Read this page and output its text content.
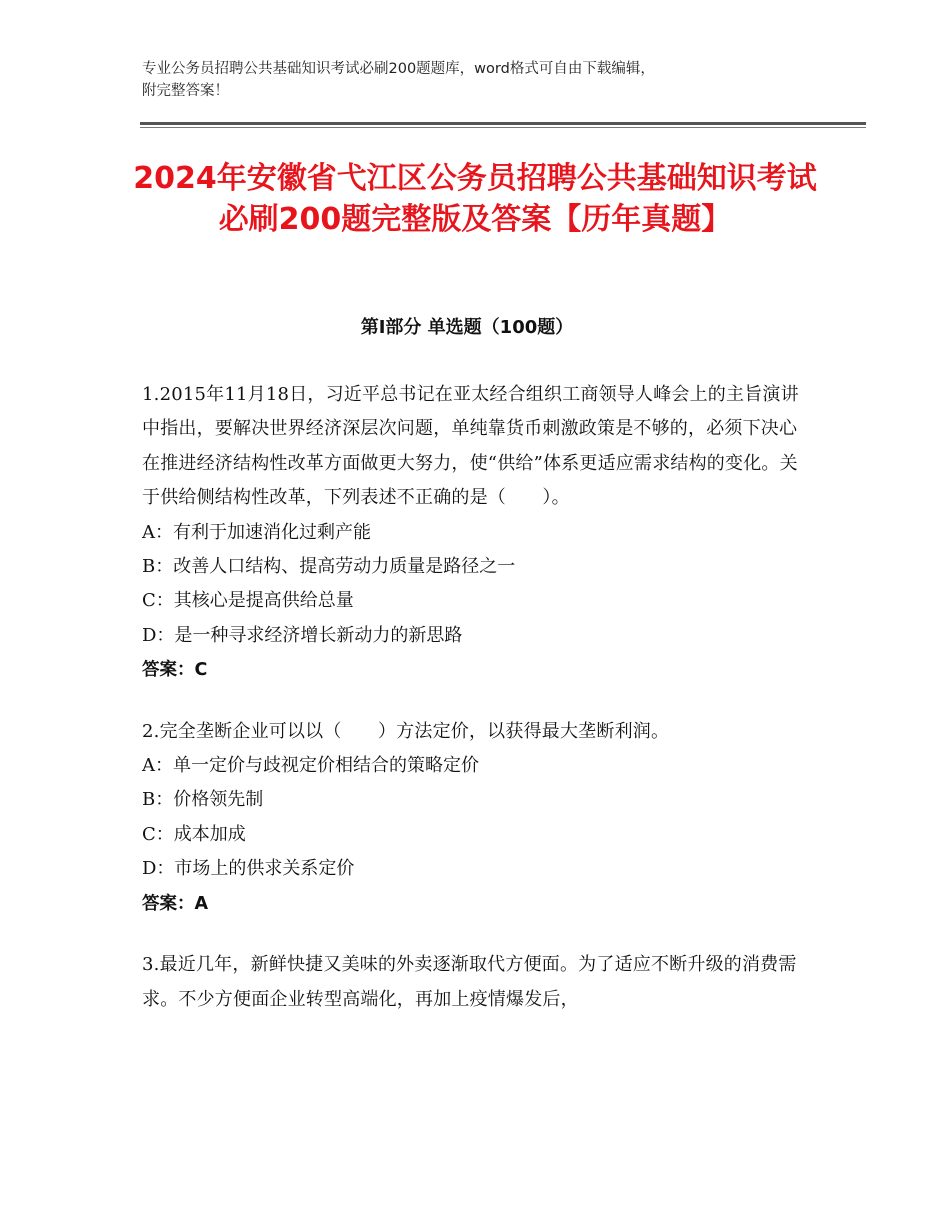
专业公务员招聘公共基础知识考试必刷200题题库，word格式可自由下载编辑，
附完整答案！
2024年安徽省弋江区公务员招聘公共基础知识考试必刷200题完整版及答案【历年真题】
第Ⅰ部分 单选题（100题）
1.2015年11月18日，习近平总书记在亚太经合组织工商领导人峰会上的主旨演讲中指出，要解决世界经济深层次问题，单纯靠货币刺激政策是不够的，必须下决心在推进经济结构性改革方面做更大努力，使“供给”体系更适应需求结构的变化。关于供给侧结构性改革，下列表述不正确的是（　　）。
A：有利于加速消化过剩产能
B：改善人口结构、提高劳动力质量是路径之一
C：其核心是提高供给总量
D：是一种寻求经济增长新动力的新思路
答案：C
2.完全垄断企业可以以（　　）方法定价，以获得最大垄断利润。
A：单一定价与歧视定价相结合的策略定价
B：价格领先制
C：成本加成
D：市场上的供求关系定价
答案：A
3.最近几年，新鲜快捷又美味的外卖逐渐取代方便面。为了适应不断升级的消费需求。不少方便面企业转型高端化，再加上疫情爆发后，
